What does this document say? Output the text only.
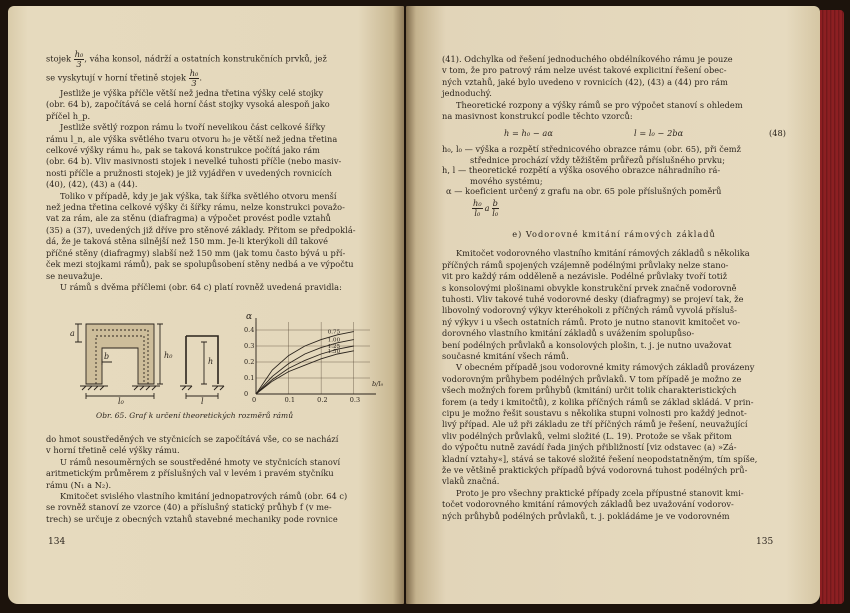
stojek $\frac{\text{h₀}}{3}$, váha konsol, nádrží a ostatních konstrukčních prvků, jež

se vyskytují v horní třetině stojek $\frac{\text{h₀}}{3}$.

Jestliže je výška příčle větší než jedna třetina výšky celé stojky
(obr. 64 b), započítává se celá horní část stojky vysoká alespoň jako
příčel h_p.

Jestliže světlý rozpon rámu l₀ tvoří nevelikou část celkové šířky
rámu l_n, ale výška světlého tvaru otvoru h₀ je větší než jedna třetina
celkové výšky rámu h₀, pak se taková konstrukce počítá jako rám
(obr. 64 b). Vliv masivnosti stojek i nevelké tuhosti příčle (nebo masiv-
nosti příčle a pružnosti stojek) je již vyjádřen v uvedených rovnicích
(40), (42), (43) a (44).

Toliko v případě, kdy je jak výška, tak šířka světlého otvoru menší
než jedna třetina celkové výšky či šířky rámu, nelze konstrukci považo-
vat za rám, ale za stěnu (diafragma) a výpočet provést podle vztahů
(35) a (37), uvedených již dříve pro stěnové základy. Přitom se předpoklá-
dá, že je taková stěna silnější než 150 mm. Je-li kterýkoli díl takové
příčné stěny (diafragmy) slabší než 150 mm (jak tomu často bývá u pří-
ček mezi stojkami rámů), pak se spolupůsobení stěny nedbá a ve výpočtu
se neuvažuje.

U rámů s dvěma příčlemi (obr. 64 c) platí rovněž uvedená pravidla:

a
b	h₀
l₀
h
l	0	0.1	0.2	0.3
0
0.1
0.2
0.3
0.4	0.75
1.00
1.25
1.50
α
b/l₀
Obr. 65. Graf k určení theoretických rozměrů rámů

do hmot soustředěných ve styčnicích se započítává vše, co se nachází
v horní třetině celé výšky rámu.

U rámů nesouměrných se soustředěné hmoty ve styčnicích stanoví
aritmetickým průměrem z příslušných val v levém i pravém styčníku
rámu (N₁ a N₂).

Kmitočet svislého vlastního kmitání jednopatrových rámů (obr. 64 c)
se rovněž stanoví ze vzorce (40) a příslušný statický průhyb f (v me-
trech) se určuje z obecných vztahů stavebné mechaniky pode rovnice

134

(41). Odchylka od řešení jednoduchého obdélníkového rámu je pouze
v tom, že pro patrový rám nelze uvést takové explicitní řešení obec-
ných vztahů, jaké bylo uvedeno v rovnicích (42), (43) a (44) pro rám
jednoduchý.

Theoretické rozpony a výšky rámů se pro výpočet stanoví s ohledem
na masivnost konstrukcí podle těchto vzorců:

h = h₀ − aα	l = l₀ − 2bα	(48)

h₀, l₀ — výška a rozpětí střednicového obrazce rámu (obr. 65), při čemž
střednice prochází vždy těžištěm průřezů příslušného prvku;
h, l — theoretické rozpětí a výška osového obrazce náhradního rá-
mového systému;
α — koeficient určený z grafu na obr. 65 pole příslušných poměrů

$\frac{\text{h₀}}{\text{l₀}}$ a $\frac{b}{\text{l₀}}$
e) Vodorovné kmitání rámových základů

Kmitočet vodorovného vlastního kmitání rámových základů s několika
příčných rámů spojených vzájemně podélnými průvlaky nelze stano-
vit pro každý rám odděleně a nezávisle. Podélné průvlaky tvoří totiž
s konsolovými plošinami obvykle konstrukční prvek značně vodorovně
tuhosti. Vliv takové tuhé vodorovné desky (diafragmy) se projeví tak, že
libovolný vodorovný výkyv kteréhokoli z příčných rámů vyvolá přísluš-
ný výkyv i u všech ostatních rámů. Proto je nutno stanovit kmitočet vo-
dorovného vlastního kmitání základů s uvážením spolupůso-
bení podélných průvlaků a konsolových plošin, t. j. je nutno uvažovat
současné kmitání všech rámů.

V obecném případě jsou vodorovné kmity rámových základů provázeny
vodorovným průhybem podélných průvlaků. V tom případě je možno ze
všech možných forem průhybů (kmitání) určit tolik charakteristických
forem (a tedy i kmitočtů), z kolika příčných rámů se základ skládá. V prin-
cipu je možno řešit soustavu s několika stupni volnosti pro každý jednot-
livý případ. Ale už při základu ze tří příčných rámů je řešení, neuvažující
vliv podélných průvlaků, velmi složité (L. 19). Protože se však přitom
do výpočtu nutně zavádí řada jiných přibližností [viz odstavec (a) »Zá-
kladní vztahy«], stává se takové složité řešení neopodstatněným, tím spíše,
že ve většině praktických případů bývá vodorovná tuhost podélných prů-
vlaků značná.

Proto je pro všechny praktické případy zcela přípustné stanovit kmi-
točet vodorovného kmitání rámových základů bez uvažování vodorov-
ných průhybů podélných průvlaků, t. j. pokládáme je ve vodorovném

135
